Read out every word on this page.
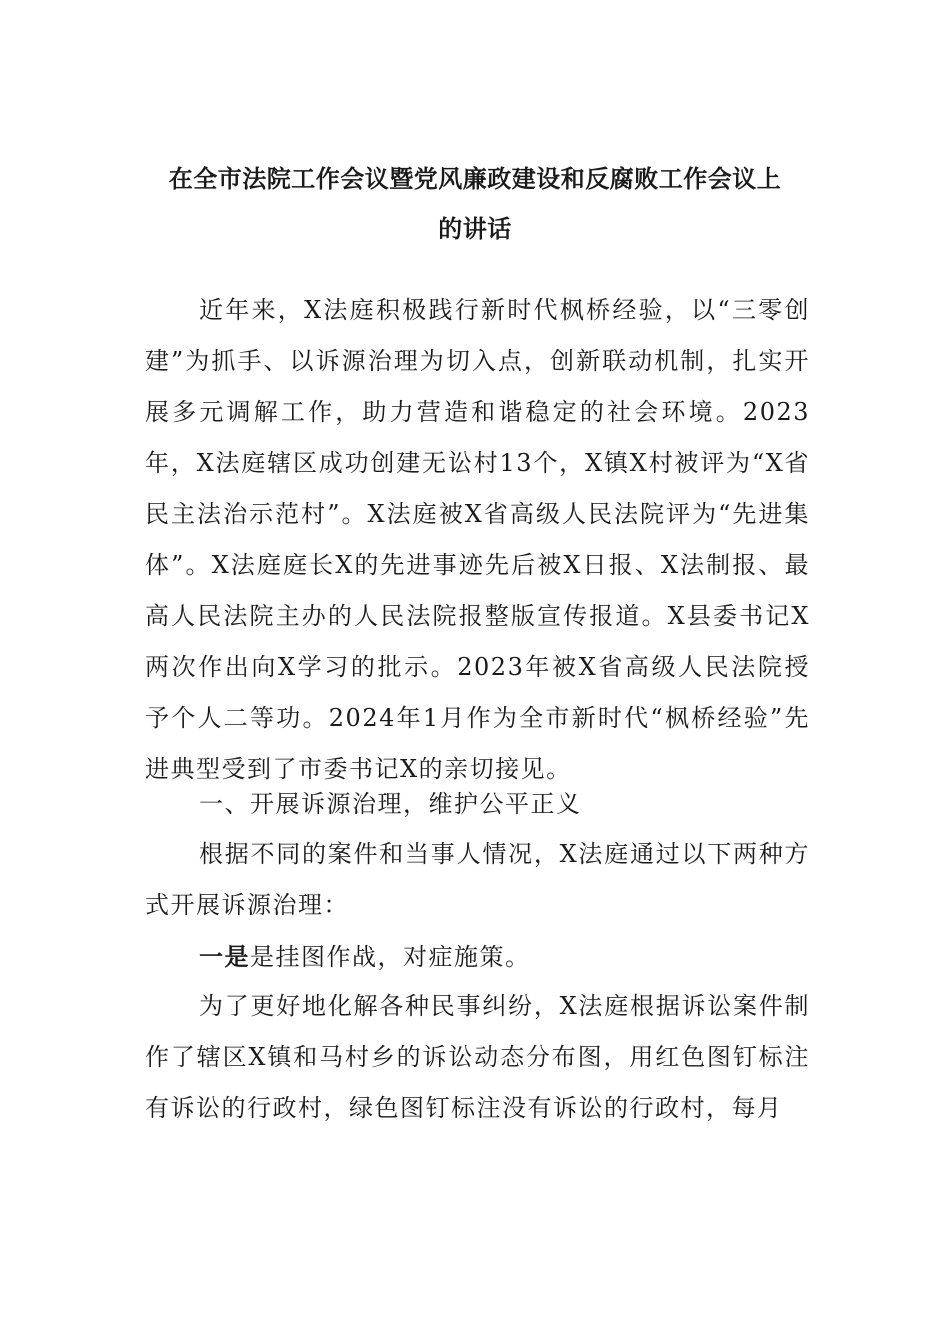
在全市法院工作会议暨党风廉政建设和反腐败工作会议上

的讲话

近年来，X法庭积极践行新时代枫桥经验，以“三零创建”为抓手、以诉源治理为切入点，创新联动机制，扎实开展多元调解工作，助力营造和谐稳定的社会环境。2023年，X法庭辖区成功创建无讼村13个，X镇X村被评为“X省民主法治示范村”。X法庭被X省高级人民法院评为“先进集体”。X法庭庭长X的先进事迹先后被X日报、X法制报、最高人民法院主办的人民法院报整版宣传报道。X县委书记X两次作出向X学习的批示。2023年被X省高级人民法院授予个人二等功。2024年1月作为全市新时代“枫桥经验”先进典型受到了市委书记X的亲切接见。

一、开展诉源治理，维护公平正义

根据不同的案件和当事人情况，X法庭通过以下两种方式开展诉源治理：

一是是挂图作战，对症施策。

为了更好地化解各种民事纠纷，X法庭根据诉讼案件制作了辖区X镇和马村乡的诉讼动态分布图，用红色图钉标注有诉讼的行政村，绿色图钉标注没有诉讼的行政村，每月
